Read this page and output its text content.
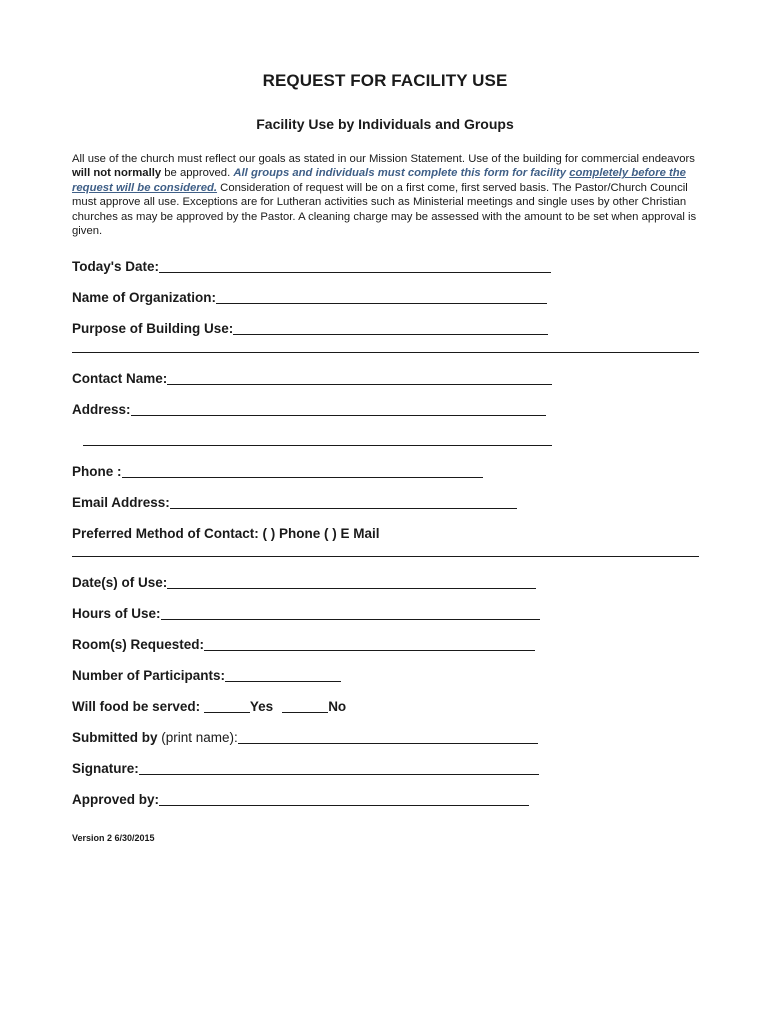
REQUEST FOR FACILITY USE
Facility Use by Individuals and Groups
All use of the church must reflect our goals as stated in our Mission Statement. Use of the building for commercial endeavors will not normally be approved. All groups and individuals must complete this form for facility completely before the request will be considered. Consideration of request will be on a first come, first served basis. The Pastor/Church Council must approve all use. Exceptions are for Lutheran activities such as Ministerial meetings and single uses by other Christian churches as may be approved by the Pastor. A cleaning charge may be assessed with the amount to be set when approval is given.
Today's Date:
Name of Organization:
Purpose of Building Use:
Contact Name:
Address:
Phone :
Email Address:
Preferred Method of Contact: ( ) Phone ( ) E Mail
Date(s) of Use:
Hours of Use:
Room(s) Requested:
Number of Participants:
Will food be served:	Yes	No
Submitted by (print name):
Signature:
Approved by:
Version 2 6/30/2015
